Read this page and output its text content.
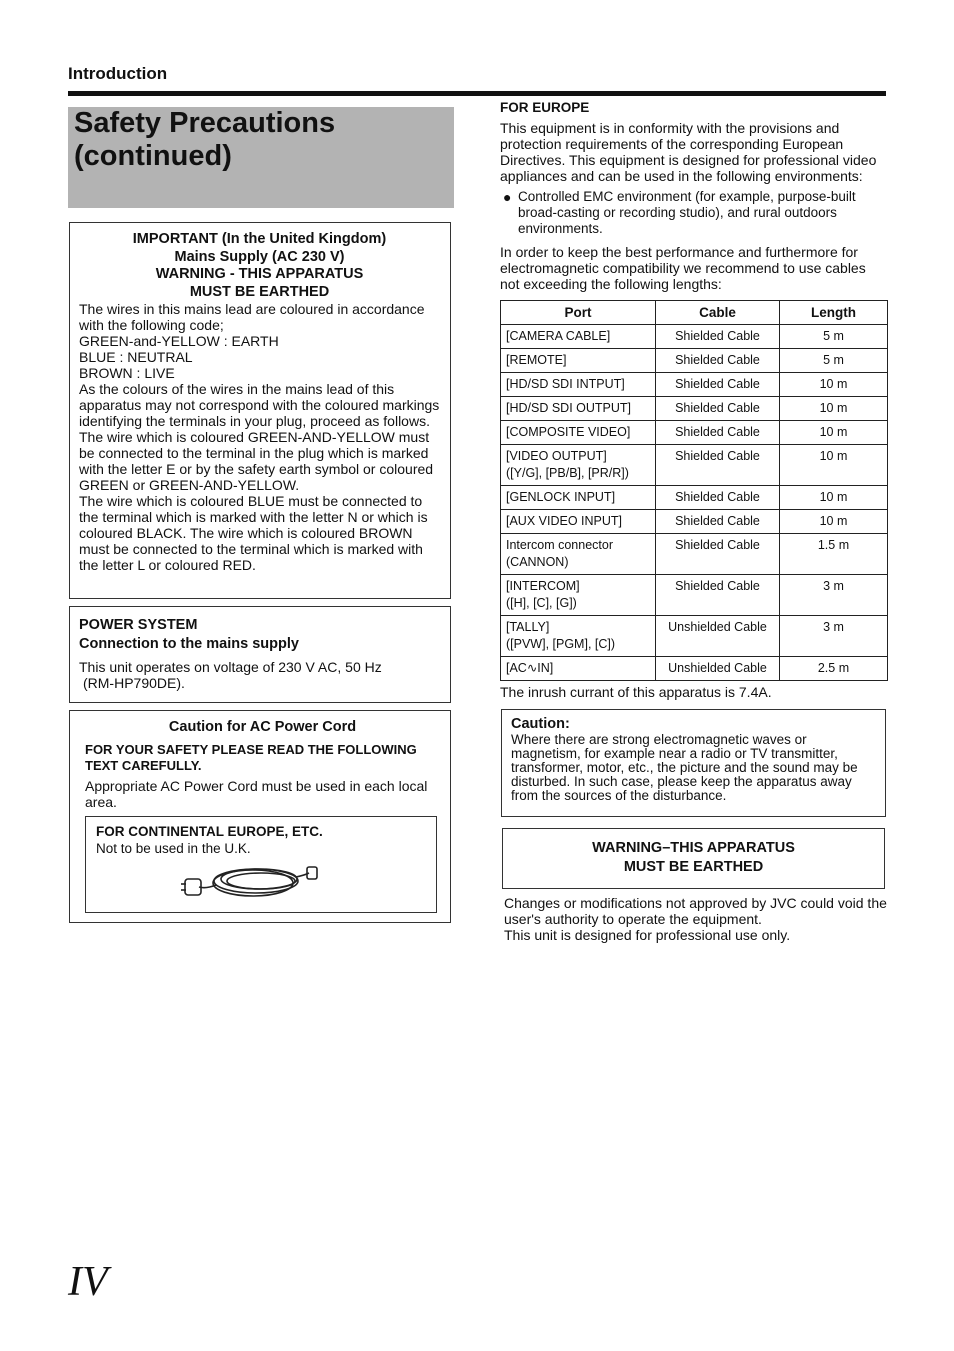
Introduction
Safety Precautions
(continued)
IMPORTANT (In the United Kingdom)
Mains Supply (AC 230 V)
WARNING - THIS APPARATUS
MUST BE EARTHED

The wires in this mains lead are coloured in accordance with the following code;

GREEN-and-YELLOW : EARTH

BLUE : NEUTRAL

BROWN : LIVE

As the colours of the wires in the mains lead of this apparatus may not correspond with the coloured markings identifying the terminals in your plug, proceed as follows.

The wire which is coloured GREEN-AND-YELLOW must be connected to the terminal in the plug which is marked with the letter E or by the safety earth symbol or coloured GREEN or GREEN-AND-YELLOW.

The wire which is coloured BLUE must be connected to the terminal which is marked with the letter N or which is coloured BLACK. The wire which is coloured BROWN must be connected to the terminal which is marked with the letter L or coloured RED.

POWER SYSTEM
Connection to the mains supply
This unit operates on voltage of 230 V AC, 50 Hz
(RM-HP790DE).
Caution for AC Power Cord
FOR YOUR SAFETY PLEASE READ THE FOLLOWING TEXT CAREFULLY.
Appropriate AC Power Cord must be used in each local area.
FOR CONTINENTAL EUROPE, ETC.
Not to be used in the U.K.
FOR EUROPE
This equipment is in conformity with the provisions and protection requirements of the corresponding European Directives. This equipment is designed for professional video appliances and can be used in the following environments:
● Controlled EMC environment (for example, purpose-built broad-casting or recording studio), and rural outdoors environments.
In order to keep the best performance and furthermore for electromagnetic compatibility we recommend to use cables not exceeding the following lengths:
Port	Cable	Length

[CAMERA CABLE]	Shielded Cable	5 m

[REMOTE]	Shielded Cable	5 m

[HD/SD SDI INTPUT]	Shielded Cable	10 m

[HD/SD SDI OUTPUT]	Shielded Cable	10 m

[COMPOSITE VIDEO]	Shielded Cable	10 m

[VIDEO OUTPUT]
([Y/G], [PB/B], [PR/R])	Shielded Cable	10 m

[GENLOCK INPUT]	Shielded Cable	10 m

[AUX VIDEO INPUT]	Shielded Cable	10 m

Intercom connector
(CANNON)	Shielded Cable	1.5 m

[INTERCOM]
([H], [C], [G])	Shielded Cable	3 m

[TALLY]
([PVW], [PGM], [C])	Unshielded Cable	3 m

[AC∿IN]	Unshielded Cable	2.5 m
The inrush currant of this apparatus is 7.4A.
Caution:
Where there are strong electromagnetic waves or magnetism, for example near a radio or TV transmitter, transformer, motor, etc., the picture and the sound may be disturbed. In such case, please keep the apparatus away from the sources of the disturbance.
WARNING–THIS APPARATUS
MUST BE EARTHED
Changes or modifications not approved by JVC could void the user's authority to operate the equipment.
This unit is designed for professional use only.
IV
